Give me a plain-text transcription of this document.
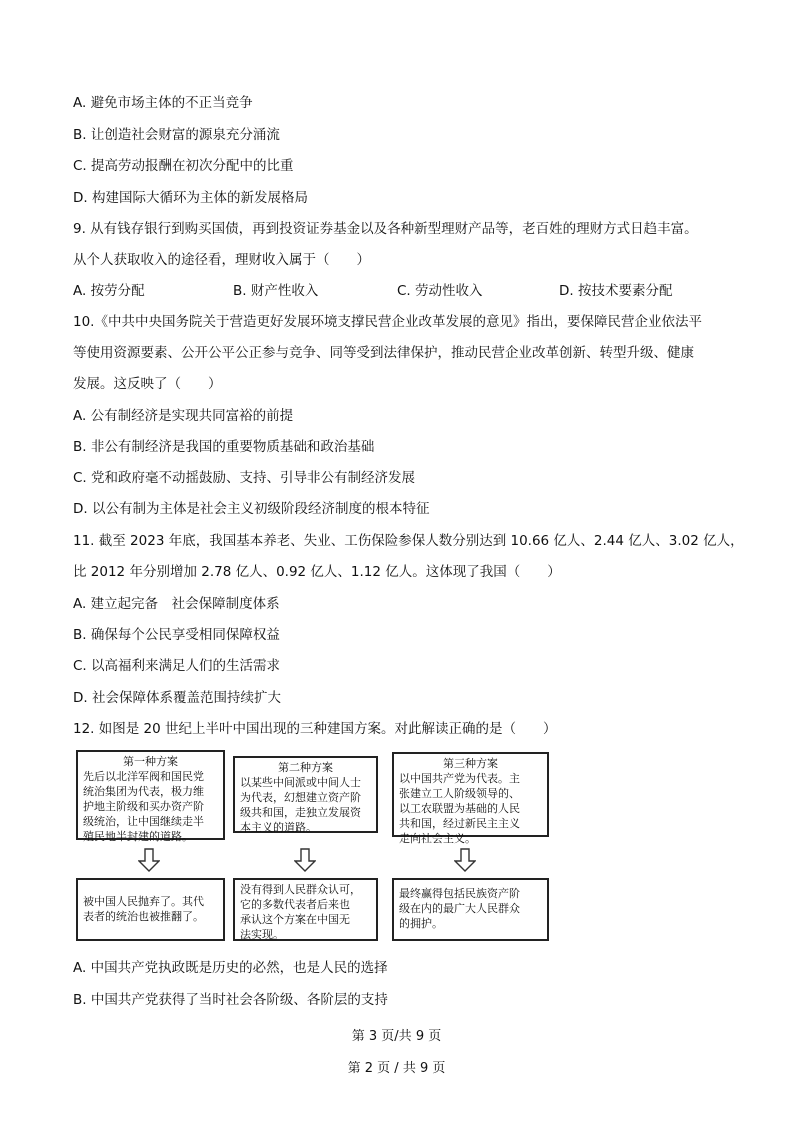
A. 避免市场主体的不正当竞争
B. 让创造社会财富的源泉充分涌流
C. 提高劳动报酬在初次分配中的比重
D. 构建国际大循环为主体的新发展格局
9. 从有钱存银行到购买国债，再到投资证券基金以及各种新型理财产品等，老百姓的理财方式日趋丰富。
从个人获取收入的途径看，理财收入属于（　　）
A. 按劳分配	B. 财产性收入	C. 劳动性收入	D. 按技术要素分配
10.《中共中央国务院关于营造更好发展环境支撑民营企业改革发展的意见》指出，要保障民营企业依法平
等使用资源要素、公开公平公正参与竞争、同等受到法律保护，推动民营企业改革创新、转型升级、健康
发展。这反映了（　　）
A. 公有制经济是实现共同富裕的前提
B. 非公有制经济是我国的重要物质基础和政治基础
C. 党和政府毫不动摇鼓励、支持、引导非公有制经济发展
D. 以公有制为主体是社会主义初级阶段经济制度的根本特征
11. 截至 2023 年底，我国基本养老、失业、工伤保险参保人数分别达到 10.66 亿人、2.44 亿人、3.02 亿人，
比 2012 年分别增加 2.78 亿人、0.92 亿人、1.12 亿人。这体现了我国（　　）
A. 建立起完备　社会保障制度体系
B. 确保每个公民享受相同保障权益
C. 以高福利来满足人们的生活需求
D. 社会保障体系覆盖范围持续扩大
12. 如图是 20 世纪上半叶中国出现的三种建国方案。对此解读正确的是（　　）
第一种方案
先后以北洋军阀和国民党
统治集团为代表，极力维
护地主阶级和买办资产阶
级统治，让中国继续走半
殖民地半封建的道路。
被中国人民抛弃了。其代
表者的统治也被推翻了。
第二种方案
以某些中间派或中间人士
为代表，幻想建立资产阶
级共和国，走独立发展资
本主义的道路。
没有得到人民群众认可，
它的多数代表者后来也
承认这个方案在中国无
法实现。
第三种方案
以中国共产党为代表。主
张建立工人阶级领导的、
以工农联盟为基础的人民
共和国，经过新民主主义
走向社会主义。
最终赢得包括民族资产阶
级在内的最广大人民群众
的拥护。
A. 中国共产党执政既是历史的必然，也是人民的选择
B. 中国共产党获得了当时社会各阶级、各阶层的支持
第 3 页/共 9 页
第 2 页 / 共 9 页
